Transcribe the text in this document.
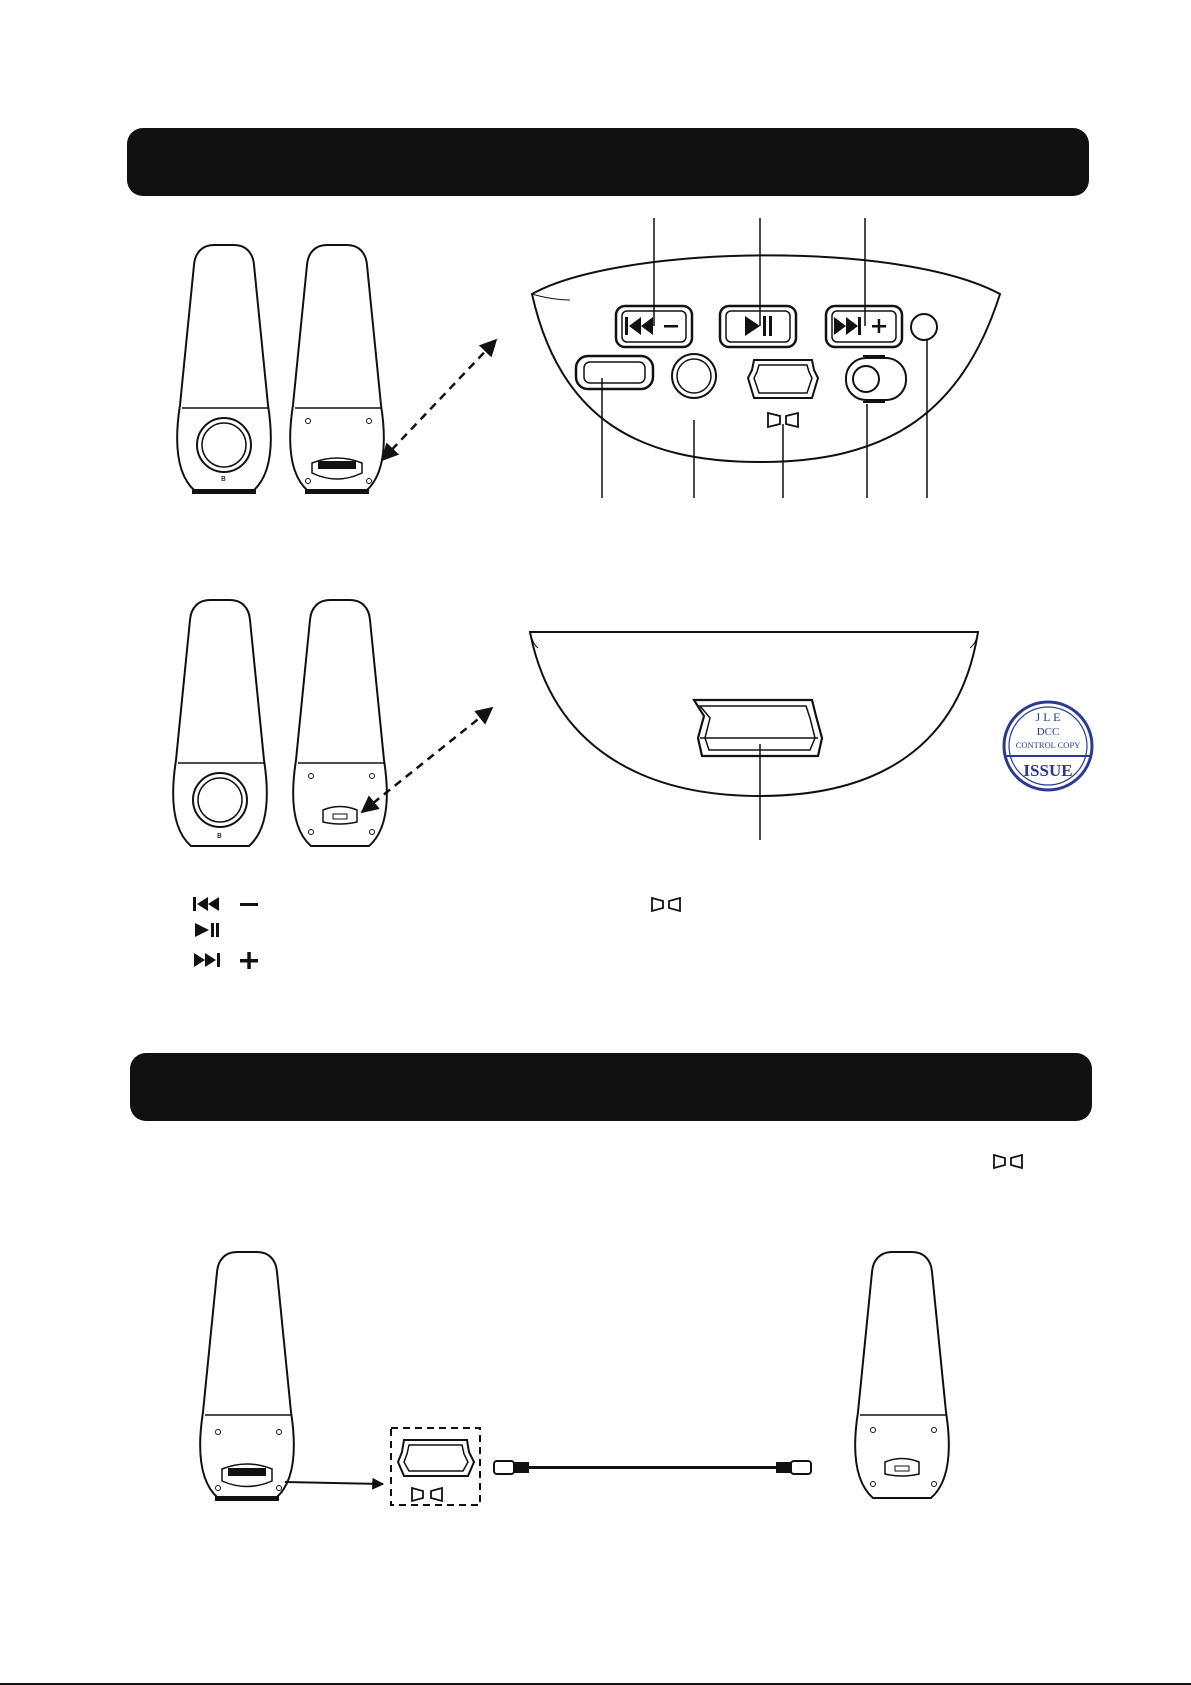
ʙ
ʙ
J L E
DCC
CONTROL COPY
ISSUE
